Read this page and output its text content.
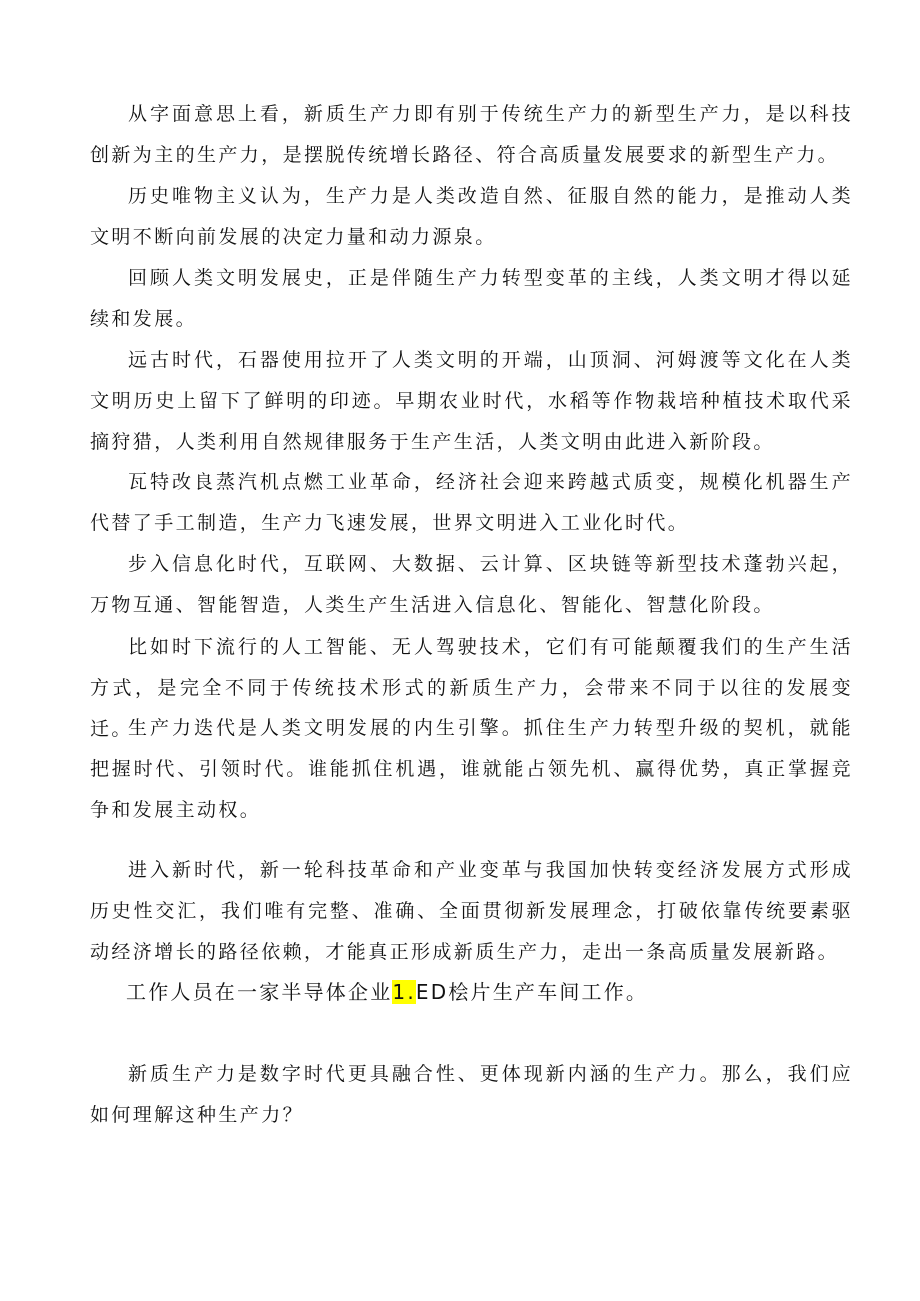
从字面意思上看，新质生产力即有别于传统生产力的新型生产力，是以科技创新为主的生产力，是摆脱传统增长路径、符合高质量发展要求的新型生产力。

历史唯物主义认为，生产力是人类改造自然、征服自然的能力，是推动人类文明不断向前发展的决定力量和动力源泉。

回顾人类文明发展史，正是伴随生产力转型变革的主线，人类文明才得以延续和发展。

远古时代，石器使用拉开了人类文明的开端，山顶洞、河姆渡等文化在人类文明历史上留下了鲜明的印迹。早期农业时代，水稻等作物栽培种植技术取代采摘狩猎，人类利用自然规律服务于生产生活，人类文明由此进入新阶段。

瓦特改良蒸汽机点燃工业革命，经济社会迎来跨越式质变，规模化机器生产代替了手工制造，生产力飞速发展，世界文明进入工业化时代。

步入信息化时代，互联网、大数据、云计算、区块链等新型技术蓬勃兴起，万物互通、智能智造，人类生产生活进入信息化、智能化、智慧化阶段。

比如时下流行的人工智能、无人驾驶技术，它们有可能颠覆我们的生产生活方式，是完全不同于传统技术形式的新质生产力，会带来不同于以往的发展变迁。

生产力迭代是人类文明发展的内生引擎。抓住生产力转型升级的契机，就能把握时代、引领时代。谁能抓住机遇，谁就能占领先机、赢得优势，真正掌握竞争和发展主动权。

进入新时代，新一轮科技革命和产业变革与我国加快转变经济发展方式形成历史性交汇，我们唯有完整、准确、全面贯彻新发展理念，打破依靠传统要素驱动经济增长的路径依赖，才能真正形成新质生产力，走出一条高质量发展新路。

新质生产力是数字时代更具融合性、更体现新内涵的生产力。那么，我们应如何理解这种生产力？

工作人员在一家半导体企业1.ED桧片生产车间工作。
